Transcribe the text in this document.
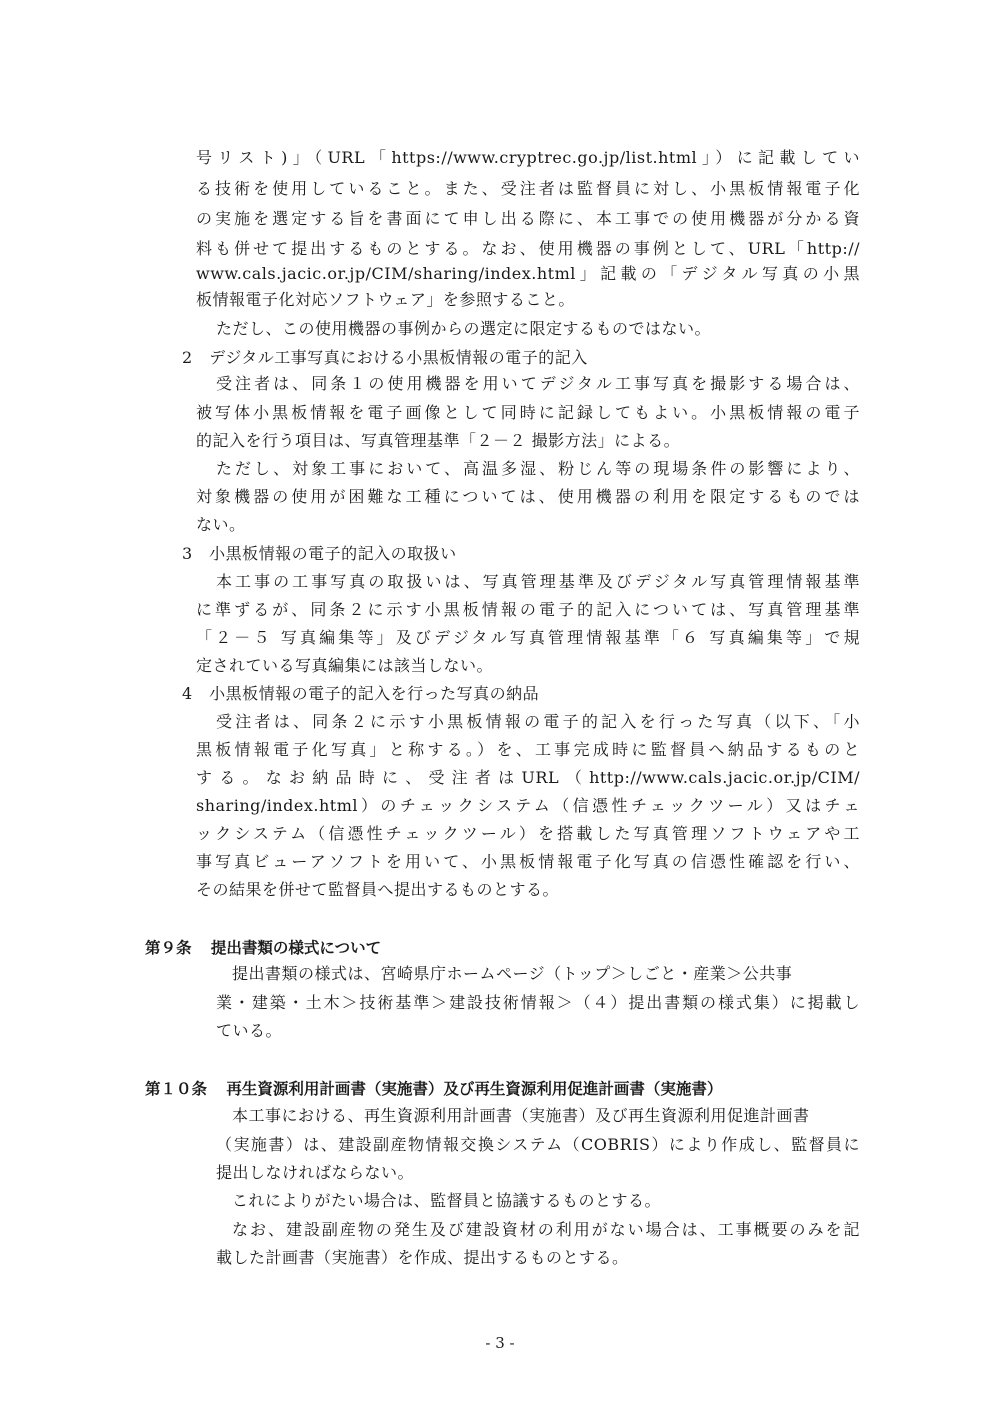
号リスト)」（URL「https://www.cryptrec.go.jp/list.html」）に記載してい

る技術を使用していること。また、受注者は監督員に対し、小黒板情報電子化

の実施を選定する旨を書面にて申し出る際に、本工事での使用機器が分かる資

料も併せて提出するものとする。なお、使用機器の事例として、URL「http://

www.cals.jacic.or.jp/CIM/sharing/index.html」記載の「デジタル写真の小黒

板情報電子化対応ソフトウェア」を参照すること。

ただし、この使用機器の事例からの選定に限定するものではない。

2　デジタル工事写真における小黒板情報の電子的記入

受注者は、同条１の使用機器を用いてデジタル工事写真を撮影する場合は、

被写体小黒板情報を電子画像として同時に記録してもよい。小黒板情報の電子

的記入を行う項目は、写真管理基準「２－２ 撮影方法」による。

ただし、対象工事において、高温多湿、粉じん等の現場条件の影響により、

対象機器の使用が困難な工種については、使用機器の利用を限定するものでは

ない。

3　小黒板情報の電子的記入の取扱い

本工事の工事写真の取扱いは、写真管理基準及びデジタル写真管理情報基準

に準ずるが、同条２に示す小黒板情報の電子的記入については、写真管理基準

「２－５ 写真編集等」及びデジタル写真管理情報基準「６ 写真編集等」で規

定されている写真編集には該当しない。

4　小黒板情報の電子的記入を行った写真の納品

受注者は、同条２に示す小黒板情報の電子的記入を行った写真（以下、「小

黒板情報電子化写真」と称する。）を、工事完成時に監督員へ納品するものと

する。なお納品時に、受注者はURL（http://www.cals.jacic.or.jp/CIM/

sharing/index.html）のチェックシステム（信憑性チェックツール）又はチェ

ックシステム（信憑性チェックツール）を搭載した写真管理ソフトウェアや工

事写真ビューアソフトを用いて、小黒板情報電子化写真の信憑性確認を行い、

その結果を併せて監督員へ提出するものとする。

第９条 提出書類の様式について

提出書類の様式は、宮崎県庁ホームページ（トップ＞しごと・産業＞公共事

業・建築・土木＞技術基準＞建設技術情報＞（４）提出書類の様式集）に掲載し

ている。

第１０条 再生資源利用計画書（実施書）及び再生資源利用促進計画書（実施書）

本工事における、再生資源利用計画書（実施書）及び再生資源利用促進計画書

（実施書）は、建設副産物情報交換システム（COBRIS）により作成し、監督員に

提出しなければならない。

これによりがたい場合は、監督員と協議するものとする。

なお、建設副産物の発生及び建設資材の利用がない場合は、工事概要のみを記

載した計画書（実施書）を作成、提出するものとする。

- 3 -
